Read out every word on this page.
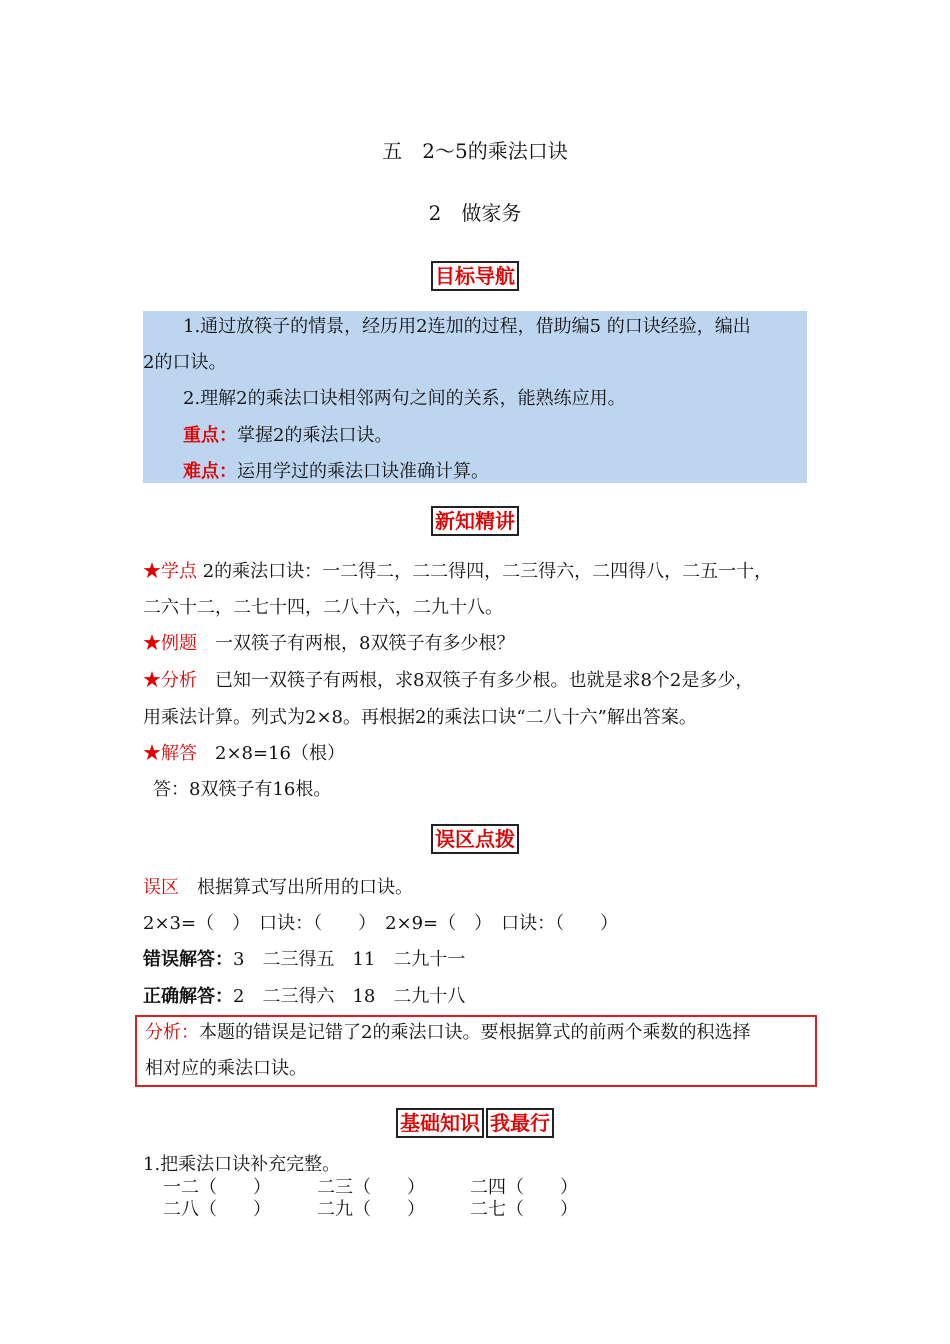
五　2～5的乘法口诀
2　做家务
目标导航
1.通过放筷子的情景，经历用2连加的过程，借助编5 的口诀经验，编出
2的口诀。
2.理解2的乘法口诀相邻两句之间的关系，能熟练应用。
重点：掌握2的乘法口诀。
难点：运用学过的乘法口诀准确计算。
新知精讲
★学点 2的乘法口诀：一二得二，二二得四，二三得六，二四得八，二五一十，
二六十二，二七十四，二八十六，二九十八。
★例题　一双筷子有两根，8双筷子有多少根？
★分析　已知一双筷子有两根，求8双筷子有多少根。也就是求8个2是多少，
用乘法计算。列式为2×8。再根据2的乘法口诀“二八十六”解出答案。
★解答　2×8=16（根）
答：8双筷子有16根。
误区点拨
误区　根据算式写出所用的口诀。
2×3=（　）　口诀：（　　）　2×9=（　）　口诀：（　　）
错误解答：3　二三得五　11　二九十一
正确解答：2　二三得六　18　二九十八
分析：本题的错误是记错了2的乘法口诀。要根据算式的前两个乘数的积选择
相对应的乘法口诀。
基础知识 我最行
1.把乘法口诀补充完整。
一二（　　）	二三（　　）	二四（　　）
二八（　　）	二九（　　）	二七（　　）
